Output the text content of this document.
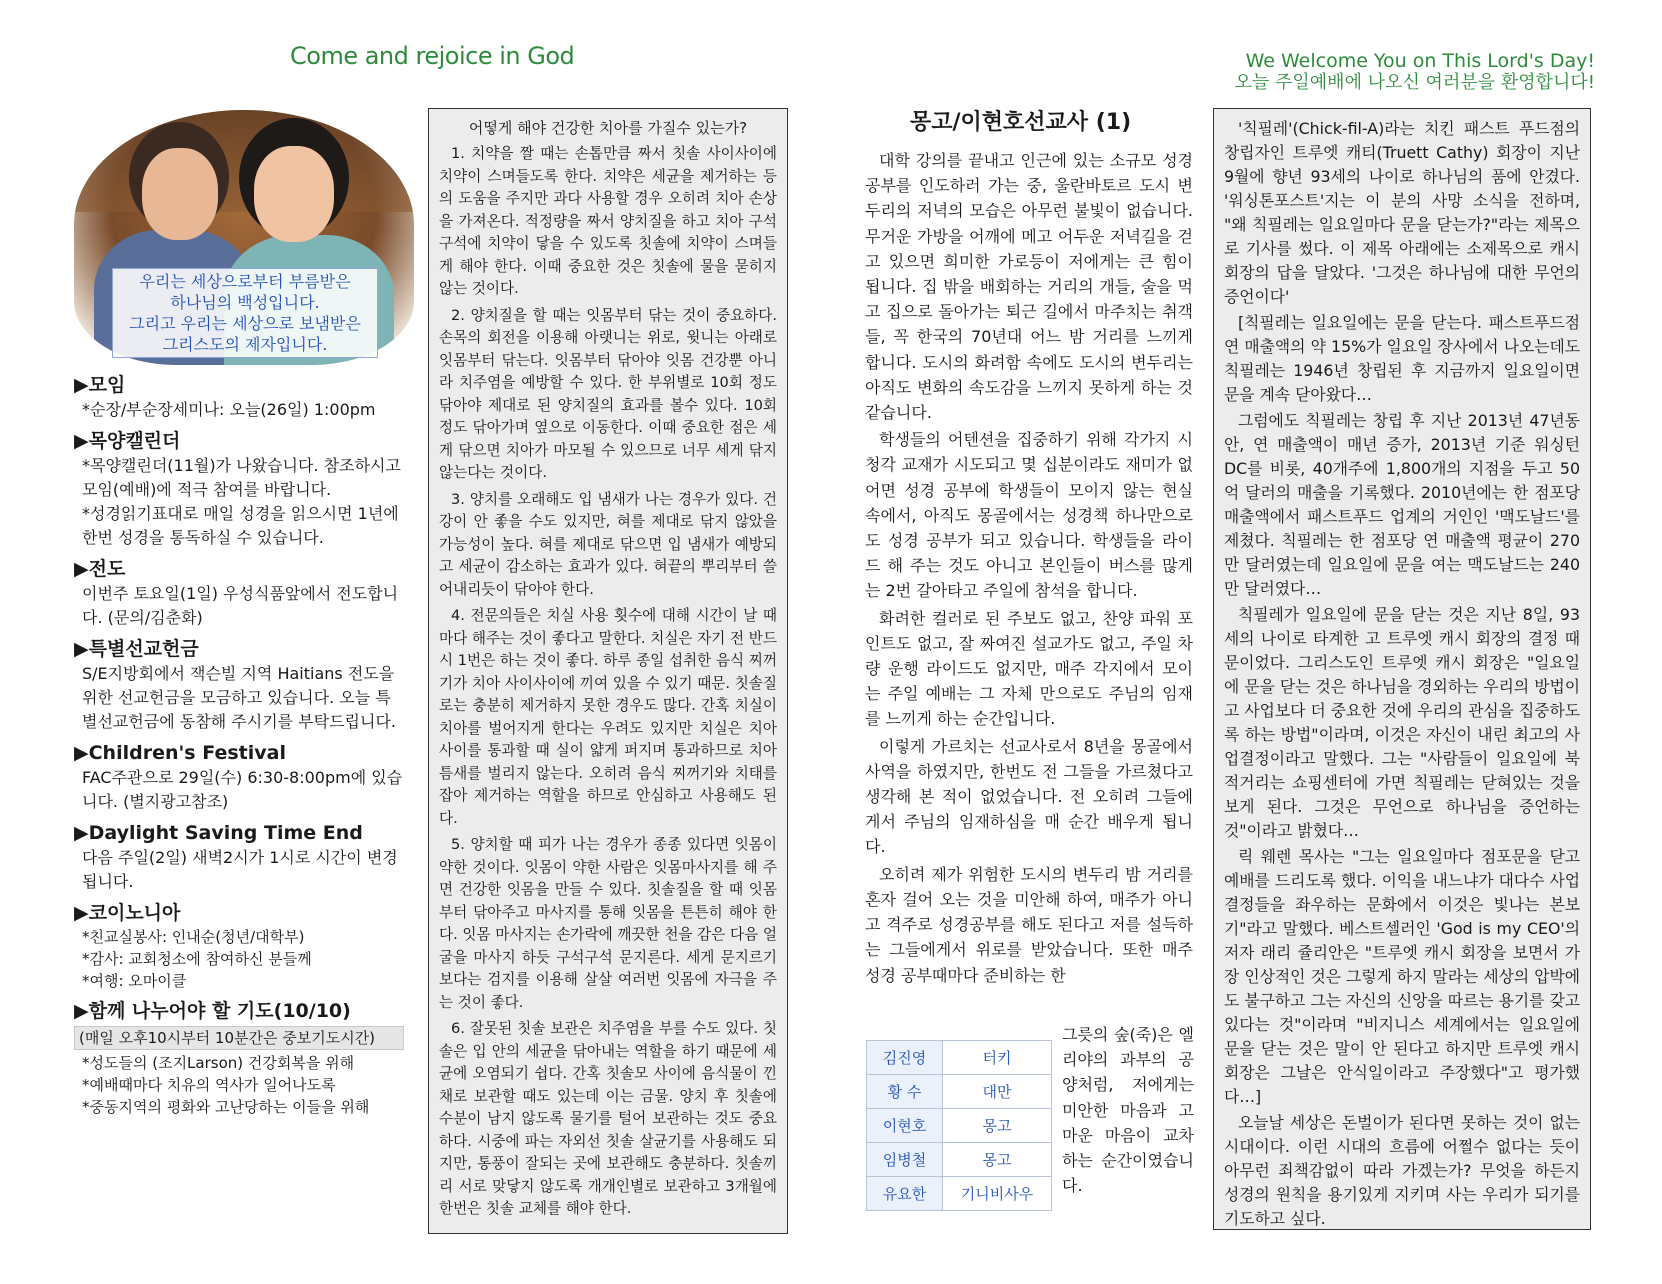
Come and rejoice in God	We Welcome You on This Lord's Day!
오늘 주일예배에 나오신 여러분을 환영합니다!
우리는 세상으로부터 부름받은
하나님의 백성입니다.
그리고 우리는 세상으로 보냄받은
그리스도의 제자입니다.
▶모임

*순장/부순장세미나: 오늘(26일) 1:00pm

▶목양캘린더

*목양캘린더(11월)가 나왔습니다. 참조하시고 모임(예배)에 적극 참여를 바랍니다.

*성경읽기표대로 매일 성경을 읽으시면 1년에 한번 성경을 통독하실 수 있습니다.

▶전도

이번주 토요일(1일) 우성식품앞에서 전도합니다. (문의/김춘화)

▶특별선교헌금

S/E지방회에서 잭슨빌 지역 Haitians 전도을 위한 선교헌금을 모금하고 있습니다. 오늘 특별선교헌금에 동참해 주시기를 부탁드립니다.

▶Children's Festival

FAC주관으로 29일(수) 6:30-8:00pm에 있습니다. (별지광고참조)

▶Daylight Saving Time End

다음 주일(2일) 새벽2시가 1시로 시간이 변경됩니다.

▶코이노니아

*친교실봉사: 인내순(청년/대학부)

*감사: 교회청소에 참여하신 분들께

*여행: 오마이클

▶함께 나누어야 할 기도(10/10)
(매일 오후10시부터 10분간은 중보기도시간)

*성도들의 (조지Larson) 건강회복을 위해

*예배때마다 치유의 역사가 일어나도록

*중동지역의 평화와 고난당하는 이들을 위해

어떻게 해야 건강한 치아를 가질수 있는가?

1. 치약을 짤 때는 손톱만큼 짜서 칫솔 사이사이에 치약이 스며들도록 한다. 치약은 세균을 제거하는 등의 도움을 주지만 과다 사용할 경우 오히려 치아 손상을 가져온다. 적정량을 짜서 양치질을 하고 치아 구석구석에 치약이 닿을 수 있도록 칫솔에 치약이 스며들게 해야 한다. 이때 중요한 것은 칫솔에 물을 묻히지 않는 것이다.

2. 양치질을 할 때는 잇몸부터 닦는 것이 중요하다. 손목의 회전을 이용해 아랫니는 위로, 윗니는 아래로 잇몸부터 닦는다. 잇몸부터 닦아야 잇몸 건강뿐 아니라 치주염을 예방할 수 있다. 한 부위별로 10회 정도 닦아야 제대로 된 양치질의 효과를 볼수 있다. 10회 정도 닦아가며 옆으로 이동한다. 이때 중요한 점은 세게 닦으면 치아가 마모될 수 있으므로 너무 세게 닦지 않는다는 것이다.

3. 양치를 오래해도 입 냄새가 나는 경우가 있다. 건강이 안 좋을 수도 있지만, 혀를 제대로 닦지 않았을 가능성이 높다. 혀를 제대로 닦으면 입 냄새가 예방되고 세균이 감소하는 효과가 있다. 혀끝의 뿌리부터 쓸어내리듯이 닦아야 한다.

4. 전문의들은 치실 사용 횟수에 대해 시간이 날 때마다 해주는 것이 좋다고 말한다. 치실은 자기 전 반드시 1번은 하는 것이 좋다. 하루 종일 섭취한 음식 찌꺼기가 치아 사이사이에 끼여 있을 수 있기 때문. 칫솔질로는 충분히 제거하지 못한 경우도 많다. 간혹 치실이 치아를 벌어지게 한다는 우려도 있지만 치실은 치아 사이를 통과할 때 실이 얇게 퍼지며 통과하므로 치아 틈새를 벌리지 않는다. 오히려 음식 찌꺼기와 치태를 잡아 제거하는 역할을 하므로 안심하고 사용해도 된다.

5. 양치할 때 피가 나는 경우가 종종 있다면 잇몸이 약한 것이다. 잇몸이 약한 사람은 잇몸마사지를 해 주면 건강한 잇몸을 만들 수 있다. 칫솔질을 할 때 잇몸부터 닦아주고 마사지를 통해 잇몸을 튼튼히 해야 한다. 잇몸 마사지는 손가락에 깨끗한 천을 감은 다음 얼굴을 마사지 하듯 구석구석 문지른다. 세게 문지르기 보다는 검지를 이용해 살살 여러번 잇몸에 자극을 주는 것이 좋다.

6. 잘못된 칫솔 보관은 치주염을 부를 수도 있다. 칫솔은 입 안의 세균을 닦아내는 역할을 하기 때문에 세균에 오염되기 쉽다. 간혹 칫솔모 사이에 음식물이 낀 채로 보관할 때도 있는데 이는 금물. 양치 후 칫솔에 수분이 남지 않도록 물기를 털어 보관하는 것도 중요하다. 시중에 파는 자외선 칫솔 살균기를 사용해도 되지만, 통풍이 잘되는 곳에 보관해도 충분하다. 칫솔끼리 서로 맞닿지 않도록 개개인별로 보관하고 3개월에 한번은 칫솔 교체를 해야 한다.

몽고/이현호선교사 (1)

대학 강의를 끝내고 인근에 있는 소규모 성경 공부를 인도하러 가는 중, 울란바토르 도시 변두리의 저녁의 모습은 아무런 불빛이 없습니다. 무거운 가방을 어깨에 메고 어두운 저녁길을 걷고 있으면 희미한 가로등이 저에게는 큰 힘이 됩니다. 집 밖을 배회하는 거리의 개들, 술을 먹고 집으로 돌아가는 퇴근 길에서 마주치는 취객들, 꼭 한국의 70년대 어느 밤 거리를 느끼게 합니다. 도시의 화려함 속에도 도시의 변두리는 아직도 변화의 속도감을 느끼지 못하게 하는 것 같습니다.

학생들의 어텐션을 집중하기 위해 각가지 시청각 교재가 시도되고 몇 십분이라도 재미가 없어면 성경 공부에 학생들이 모이지 않는 현실 속에서, 아직도 몽골에서는 성경책 하나만으로도 성경 공부가 되고 있습니다. 학생들을 라이드 해 주는 것도 아니고 본인들이 버스를 많게는 2번 갈아타고 주일에 참석을 합니다.

화려한 컬러로 된 주보도 없고, 찬양 파워 포인트도 없고, 잘 짜여진 설교가도 없고, 주일 차량 운행 라이드도 없지만, 매주 각지에서 모이는 주일 예배는 그 자체 만으로도 주님의 임재를 느끼게 하는 순간입니다.

이렇게 가르치는 선교사로서 8년을 몽골에서 사역을 하였지만, 한번도 전 그들을 가르쳤다고 생각해 본 적이 없었습니다. 전 오히려 그들에게서 주님의 임재하심을 매 순간 배우게 됩니다.

오히려 제가 위험한 도시의 변두리 밤 거리를 혼자 걸어 오는 것을 미안해 하여, 매주가 아니고 격주로 성경공부를 해도 된다고 저를 설득하는 그들에게서 위로를 받았습니다. 또한 매주 성경 공부때마다 준비하는 한

김진영	터키
황 수	대만
이현호	몽고
임병철	몽고
유요한	기니비사우

그릇의 숲(죽)은 엘리야의 과부의 공양처럼, 저에게는 미안한 마음과 고마운 마음이 교차하는 순간이였습니다.

'칙필레'(Chick-fil-A)라는 치킨 패스트 푸드점의 창립자인 트루엣 캐티(Truett Cathy) 회장이 지난 9월에 향년 93세의 나이로 하나님의 품에 안겼다. '워싱톤포스트'지는 이 분의 사망 소식을 전하며, "왜 칙필레는 일요일마다 문을 닫는가?"라는 제목으로 기사를 썼다. 이 제목 아래에는 소제목으로 캐시 회장의 답을 달았다. '그것은 하나님에 대한 무언의 증언이다'

[칙필레는 일요일에는 문을 닫는다. 패스트푸드점 연 매출액의 약 15%가 일요일 장사에서 나오는데도 칙필레는 1946년 창립된 후 지금까지 일요일이면 문을 계속 닫아왔다…

그럼에도 칙필레는 창립 후 지난 2013년 47년동안, 연 매출액이 매년 증가, 2013년 기준 워싱턴 DC를 비롯, 40개주에 1,800개의 지점을 두고 50억 달러의 매출을 기록했다. 2010년에는 한 점포당 매출액에서 패스트푸드 업계의 거인인 '맥도날드'를 제쳤다. 칙필레는 한 점포당 연 매출액 평균이 270만 달러였는데 일요일에 문을 여는 맥도날드는 240만 달러였다…

칙필레가 일요일에 문을 닫는 것은 지난 8일, 93세의 나이로 타계한 고 트루엣 캐시 회장의 결정 때문이었다. 그리스도인 트루엣 캐시 회장은 "일요일에 문을 닫는 것은 하나님을 경외하는 우리의 방법이고 사업보다 더 중요한 것에 우리의 관심을 집중하도록 하는 방법"이라며, 이것은 자신이 내린 최고의 사업결정이라고 말했다. 그는 "사람들이 일요일에 북적거리는 쇼핑센터에 가면 칙필레는 닫혀있는 것을 보게 된다. 그것은 무언으로 하나님을 증언하는 것"이라고 밝혔다…

릭 웨렌 목사는 "그는 일요일마다 점포문을 닫고 예배를 드리도록 했다. 이익을 내느냐가 대다수 사업 결정들을 좌우하는 문화에서 이것은 빛나는 본보기"라고 말했다. 베스트셀러인 'God is my CEO'의 저자 래리 쥴리안은 "트루엣 캐시 회장을 보면서 가장 인상적인 것은 그렇게 하지 말라는 세상의 압박에도 불구하고 그는 자신의 신앙을 따르는 용기를 갖고 있다는 것"이라며 "비지니스 세계에서는 일요일에 문을 닫는 것은 말이 안 된다고 하지만 트루엣 캐시 회장은 그날은 안식일이라고 주장했다"고 평가했다…]

오늘날 세상은 돈벌이가 된다면 못하는 것이 없는 시대이다. 이런 시대의 흐름에 어쩔수 없다는 듯이 아무런 죄책감없이 따라 가겠는가? 무엇을 하든지 성경의 원칙을 용기있게 지키며 사는 우리가 되기를 기도하고 싶다.
